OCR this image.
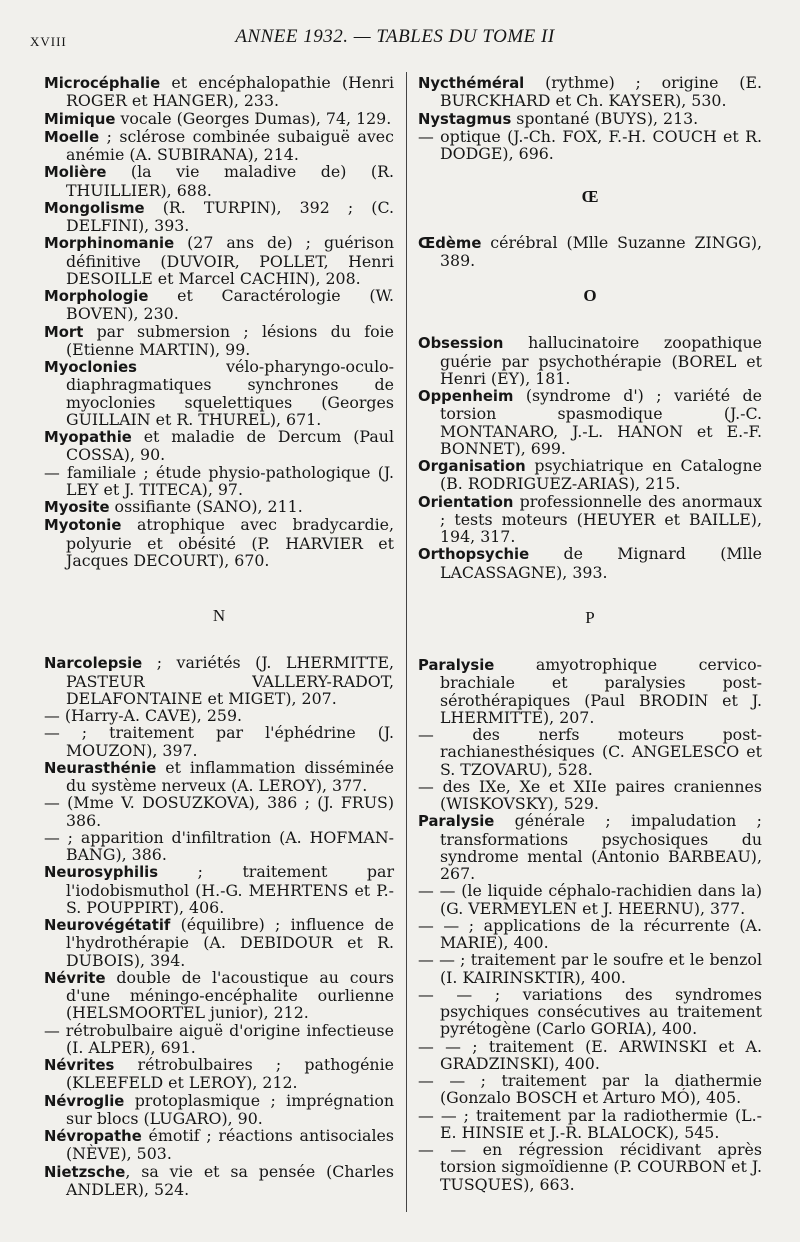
XVIII	ANNEE 1932. — TABLES DU TOME II

Microcéphalie et encéphalopathie (Henri ROGER et HANGER), 233.

Mimique vocale (Georges Dumas), 74, 129.

Moelle ; sclérose combinée subaiguë avec anémie (A. SUBIRANA), 214.

Molière (la vie maladive de) (R. THUILLIER), 688.

Mongolisme (R. TURPIN), 392 ; (C. DELFINI), 393.

Morphinomanie (27 ans de) ; guérison définitive (DUVOIR, POLLET, Henri DESOILLE et Marcel CACHIN), 208.

Morphologie et Caractérologie (W. BOVEN), 230.

Mort par submersion ; lésions du foie (Etienne MARTIN), 99.

Myoclonies vélo-pharyngo-oculo-diaphragmatiques synchrones de myoclonies squelettiques (Georges GUILLAIN et R. THUREL), 671.

Myopathie et maladie de Dercum (Paul COSSA), 90.

— familiale ; étude physio-pathologique (J. LEY et J. TITECA), 97.

Myosite ossifiante (SANO), 211.

Myotonie atrophique avec bradycardie, polyurie et obésité (P. HARVIER et Jacques DECOURT), 670.

N

Narcolepsie ; variétés (J. LHERMITTE, PASTEUR VALLERY-RADOT, DELAFONTAINE et MIGET), 207.

— (Harry-A. CAVE), 259.

— ; traitement par l'éphédrine (J. MOUZON), 397.

Neurasthénie et inflammation disséminée du système nerveux (A. LEROY), 377.

— (Mme V. DOSUZKOVA), 386 ; (J. FRUS) 386.

— ; apparition d'infiltration (A. HOFMAN-BANG), 386.

Neurosyphilis ; traitement par l'iodobismuthol (H.-G. MEHRTENS et P.-S. POUPPIRT), 406.

Neurovégétatif (équilibre) ; influence de l'hydrothérapie (A. DEBIDOUR et R. DUBOIS), 394.

Névrite double de l'acoustique au cours d'une méningo-encéphalite ourlienne (HELSMOORTEL junior), 212.

— rétrobulbaire aiguë d'origine infectieuse (I. ALPER), 691.

Névrites rétrobulbaires ; pathogénie (KLEEFELD et LEROY), 212.

Névroglie protoplasmique ; imprégnation sur blocs (LUGARO), 90.

Névropathe émotif ; réactions antisociales (NÈVE), 503.

Nietzsche, sa vie et sa pensée (Charles ANDLER), 524.

Nycthéméral (rythme) ; origine (E. BURCKHARD et Ch. KAYSER), 530.

Nystagmus spontané (BUYS), 213.

— optique (J.-Ch. FOX, F.-H. COUCH et R. DODGE), 696.

Œ

Œdème cérébral (Mlle Suzanne ZINGG), 389.

O

Obsession hallucinatoire zoopathique guérie par psychothérapie (BOREL et Henri (EY), 181.

Oppenheim (syndrome d') ; variété de torsion spasmodique (J.-C. MONTANARO, J.-L. HANON et E.-F. BONNET), 699.

Organisation psychiatrique en Catalogne (B. RODRIGUEZ-ARIAS), 215.

Orientation professionnelle des anormaux ; tests moteurs (HEUYER et BAILLE), 194, 317.

Orthopsychie de Mignard (Mlle LACASSAGNE), 393.

P

Paralysie amyotrophique cervico-brachiale et paralysies post-sérothérapiques (Paul BRODIN et J. LHERMITTE), 207.

— des nerfs moteurs post-rachianesthésiques (C. ANGELESCO et S. TZOVARU), 528.

— des IXe, Xe et XIIe paires craniennes (WISKOVSKY), 529.

Paralysie générale ; impaludation ; transformations psychosiques du syndrome mental (Antonio BARBEAU), 267.

— — (le liquide céphalo-rachidien dans la) (G. VERMEYLEN et J. HEERNU), 377.

— — ; applications de la récurrente (A. MARIE), 400.

— — ; traitement par le soufre et le benzol (I. KAIRINSKTIR), 400.

— — ; variations des syndromes psychiques consécutives au traitement pyrétogène (Carlo GORIA), 400.

— — ; traitement (E. ARWINSKI et A. GRADZINSKI), 400.

— — ; traitement par la diathermie (Gonzalo BOSCH et Arturo MÓ), 405.

— — ; traitement par la radiothermie (L.-E. HINSIE et J.-R. BLALOCK), 545.

— — en régression récidivant après torsion sigmoïdienne (P. COURBON et J. TUSQUES), 663.
